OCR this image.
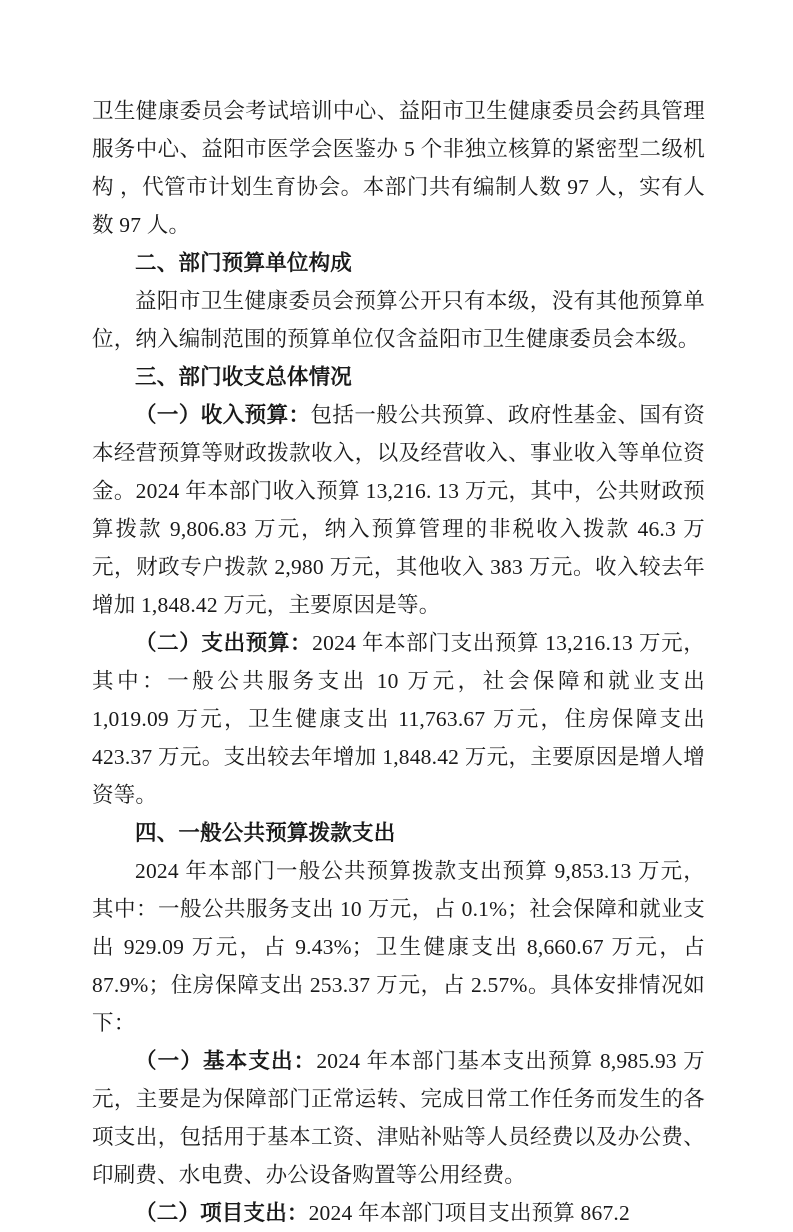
卫生健康委员会考试培训中心、益阳市卫生健康委员会药具管理服务中心、益阳市医学会医鉴办 5 个非独立核算的紧密型二级机构 ，代管市计划生育协会。本部门共有编制人数 97 人，实有人数 97 人。

二、部门预算单位构成

益阳市卫生健康委员会预算公开只有本级，没有其他预算单位，纳入编制范围的预算单位仅含益阳市卫生健康委员会本级。

三、部门收支总体情况

（一）收入预算：包括一般公共预算、政府性基金、国有资本经营预算等财政拨款收入，以及经营收入、事业收入等单位资金。2024 年本部门收入预算 13,216. 13 万元，其中，公共财政预算拨款 9,806.83 万元，纳入预算管理的非税收入拨款 46.3 万元，财政专户拨款 2,980 万元，其他收入 383 万元。收入较去年增加 1,848.42 万元，主要原因是等。

（二）支出预算：2024 年本部门支出预算 13,216.13 万元，其中：一般公共服务支出 10 万元，社会保障和就业支出 1,019.09 万元，卫生健康支出 11,763.67 万元，住房保障支出 423.37 万元。支出较去年增加 1,848.42 万元，主要原因是增人增资等。

四、一般公共预算拨款支出

2024 年本部门一般公共预算拨款支出预算 9,853.13 万元，其中：一般公共服务支出 10 万元，占 0.1%；社会保障和就业支出 929.09 万元，占 9.43%；卫生健康支出 8,660.67 万元，占 87.9%；住房保障支出 253.37 万元，占 2.57%。具体安排情况如下：

（一）基本支出：2024 年本部门基本支出预算 8,985.93 万元，主要是为保障部门正常运转、完成日常工作任务而发生的各项支出，包括用于基本工资、津贴补贴等人员经费以及办公费、印刷费、水电费、办公设备购置等公用经费。

（二）项目支出：2024 年本部门项目支出预算 867.2
